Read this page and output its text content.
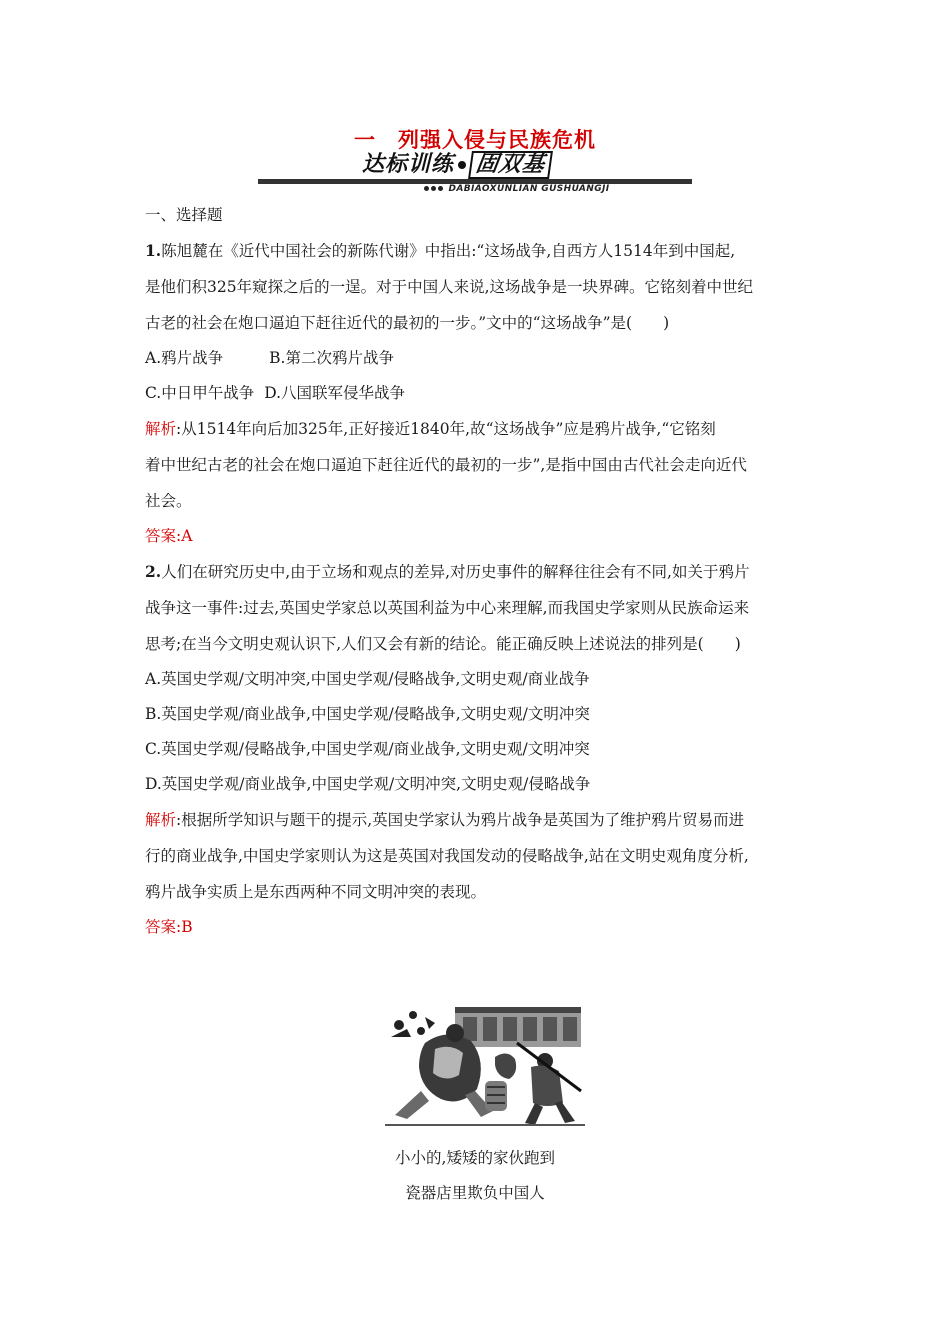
一　列强入侵与民族危机
达标训练 固双基
DABIAOXUNLIAN GUSHUANGJI
一、选择题
1.陈旭麓在《近代中国社会的新陈代谢》中指出:“这场战争,自西方人1514年到中国起,
是他们积325年窥探之后的一逞。对于中国人来说,这场战争是一块界碑。它铭刻着中世纪
古老的社会在炮口逼迫下赶往近代的最初的一步。”文中的“这场战争”是(　　)
A.鸦片战争	B.第二次鸦片战争
C.中日甲午战争 D.八国联军侵华战争
解析:从1514年向后加325年,正好接近1840年,故“这场战争”应是鸦片战争,“它铭刻
着中世纪古老的社会在炮口逼迫下赶往近代的最初的一步”,是指中国由古代社会走向近代
社会。
答案:A
2.人们在研究历史中,由于立场和观点的差异,对历史事件的解释往往会有不同,如关于鸦片
战争这一事件:过去,英国史学家总以英国利益为中心来理解,而我国史学家则从民族命运来
思考;在当今文明史观认识下,人们又会有新的结论。能正确反映上述说法的排列是(　　)
A.英国史学观/文明冲突,中国史学观/侵略战争,文明史观/商业战争
B.英国史学观/商业战争,中国史学观/侵略战争,文明史观/文明冲突
C.英国史学观/侵略战争,中国史学观/商业战争,文明史观/文明冲突
D.英国史学观/商业战争,中国史学观/文明冲突,文明史观/侵略战争
解析:根据所学知识与题干的提示,英国史学家认为鸦片战争是英国为了维护鸦片贸易而进
行的商业战争,中国史学家则认为这是英国对我国发动的侵略战争,站在文明史观角度分析,
鸦片战争实质上是东西两种不同文明冲突的表现。
答案:B
小小的,矮矮的家伙跑到
瓷器店里欺负中国人
